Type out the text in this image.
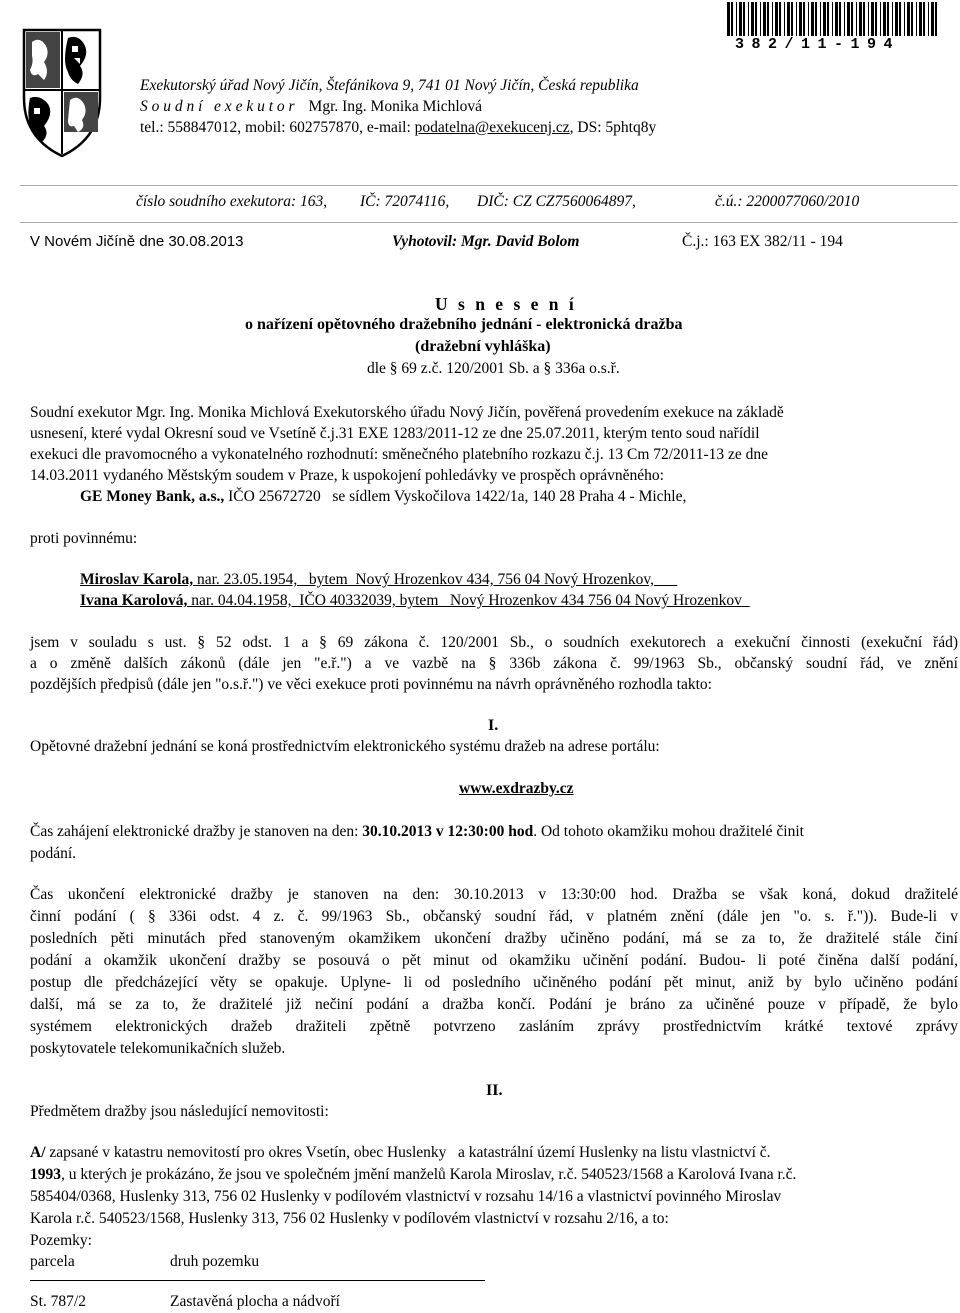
382/11-194
Exekutorský úřad Nový Jičín, Štefánikova 9, 741 01 Nový Jičín, Česká republika
S o u d n í   e x e k u t o r Mgr. Ing. Monika Michlová
tel.: 558847012, mobil: 602757870, e-mail: podatelna@exekucenj.cz, DS: 5phtq8y
číslo soudního exekutora: 163, IČ: 72074116, DIČ: CZ CZ7560064897,	č.ú.: 2200077060/2010
V Novém Jičíně dne 30.08.2013	Vyhotovil: Mgr. David Bolom	Č.j.: 163 EX 382/11 - 194
U s n e s e n í
o nařízení opětovného dražebního jednání - elektronická dražba
(dražební vyhláška)
dle § 69 z.č. 120/2001 Sb. a § 336a o.s.ř.
Soudní exekutor Mgr. Ing. Monika Michlová Exekutorského úřadu Nový Jičín, pověřená provedením exekuce na základě
usnesení, které vydal Okresní soud ve Vsetíně č.j.31 EXE 1283/2011-12 ze dne 25.07.2011, kterým tento soud nařídil
exekuci dle pravomocného a vykonatelného rozhodnutí: směnečného platebního rozkazu č.j. 13 Cm 72/2011-13 ze dne
14.03.2011 vydaného Městským soudem v Praze, k uspokojení pohledávky ve prospěch oprávněného:
GE Money Bank, a.s., IČO 25672720   se sídlem Vyskočilova 1422/1a, 140 28 Praha 4 - Michle,
proti povinnému:
Miroslav Karola, nar. 23.05.1954,   bytem  Nový Hrozenkov 434, 756 04 Nový Hrozenkov,
Ivana Karolová, nar. 04.04.1958,  IČO 40332039, bytem   Nový Hrozenkov 434 756 04 Nový Hrozenkov
jsem v souladu s ust. § 52 odst. 1 a § 69 zákona č. 120/2001 Sb., o soudních exekutorech a exekuční činnosti (exekuční řád)
a o změně dalších zákonů (dále jen "e.ř.") a ve vazbě na § 336b zákona č. 99/1963 Sb., občanský soudní řád, ve znění
pozdějších předpisů (dále jen "o.s.ř.") ve věci exekuce proti povinnému na návrh oprávněného rozhodla takto:
I.
Opětovné dražební jednání se koná prostřednictvím elektronického systému dražeb na adrese portálu:
www.exdrazby.cz
Čas zahájení elektronické dražby je stanoven na den: 30.10.2013 v 12:30:00 hod. Od tohoto okamžiku mohou dražitelé činit
podání.
Čas ukončení elektronické dražby je stanoven na den: 30.10.2013 v 13:30:00 hod. Dražba se však koná, dokud dražitelé
činní podání ( § 336i odst. 4 z. č. 99/1963 Sb., občanský soudní řád, v platném znění (dále jen "o. s. ř.")). Bude-li v
posledních pěti minutách před stanoveným okamžikem ukončení dražby učiněno podání, má se za to, že dražitelé stále činí
podání a okamžik ukončení dražby se posouvá o pět minut od okamžiku učinění podání. Budou- li poté činěna další podání,
postup dle předcházející věty se opakuje. Uplyne- li od posledního učiněného podání pět minut, aniž by bylo učiněno podání
další, má se za to, že dražitelé již nečiní podání a dražba končí. Podání je bráno za učiněné pouze v případě, že bylo
systémem elektronických dražeb dražiteli zpětně potvrzeno zasláním zprávy prostřednictvím krátké textové zprávy
poskytovatele telekomunikačních služeb.
II.
Předmětem dražby jsou následující nemovitosti:
A/ zapsané v katastru nemovitostí pro okres Vsetín, obec Huslenky   a katastrální území Huslenky na listu vlastnictví č.
1993, u kterých je prokázáno, že jsou ve společném jmění manželů Karola Miroslav, r.č. 540523/1568 a Karolová Ivana r.č.
585404/0368, Huslenky 313, 756 02 Huslenky v podílovém vlastnictví v rozsahu 14/16 a vlastnictví povinného Miroslav
Karola r.č. 540523/1568, Huslenky 313, 756 02 Huslenky v podílovém vlastnictví v rozsahu 2/16, a to:
Pozemky:
parcela	druh pozemku
St. 787/2	Zastavěná plocha a nádvoří
